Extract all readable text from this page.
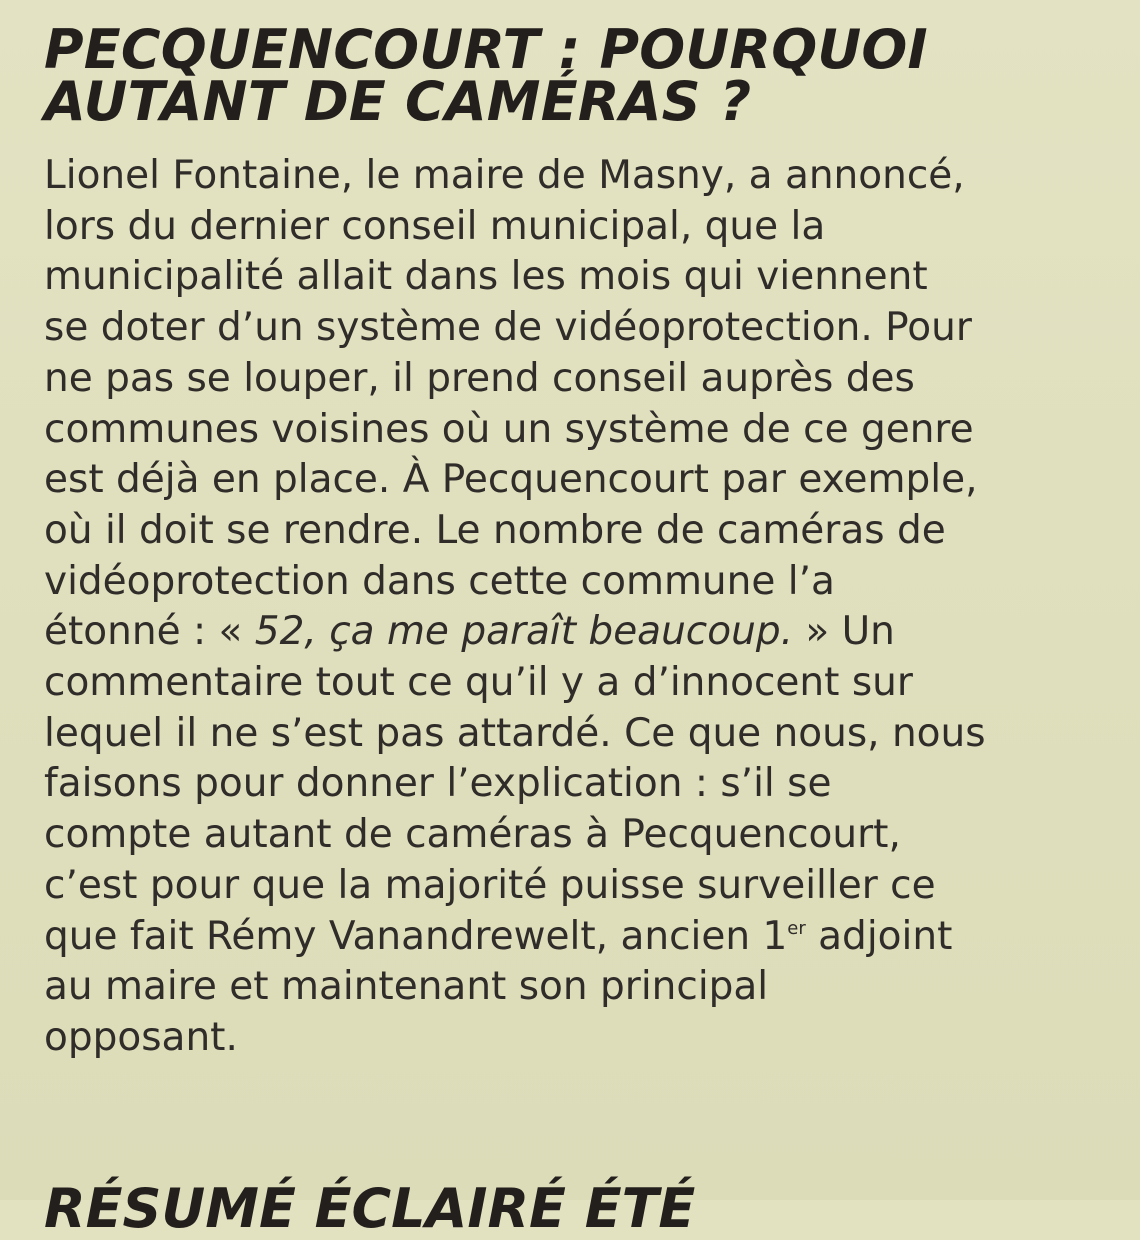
PECQUENCOURT : POURQUOI
AUTANT DE CAMÉRAS ?
Lionel Fontaine, le maire de Masny, a annoncé,
lors du dernier conseil municipal, que la
municipalité allait dans les mois qui viennent
se doter d’un système de vidéoprotection. Pour
ne pas se louper, il prend conseil auprès des
communes voisines où un système de ce genre
est déjà en place. À Pecquencourt par exemple,
où il doit se rendre. Le nombre de caméras de
vidéoprotection dans cette commune l’a
étonné : « 52, ça me paraît beaucoup. » Un
commentaire tout ce qu’il y a d’innocent sur
lequel il ne s’est pas attardé. Ce que nous, nous
faisons pour donner l’explication : s’il se
compte autant de caméras à Pecquencourt,
c’est pour que la majorité puisse surveiller ce
que fait Rémy Vanandrewelt, ancien 1er adjoint
au maire et maintenant son principal
opposant.
RÉSUMÉ ÉCLAIRÉ ÉTÉ
